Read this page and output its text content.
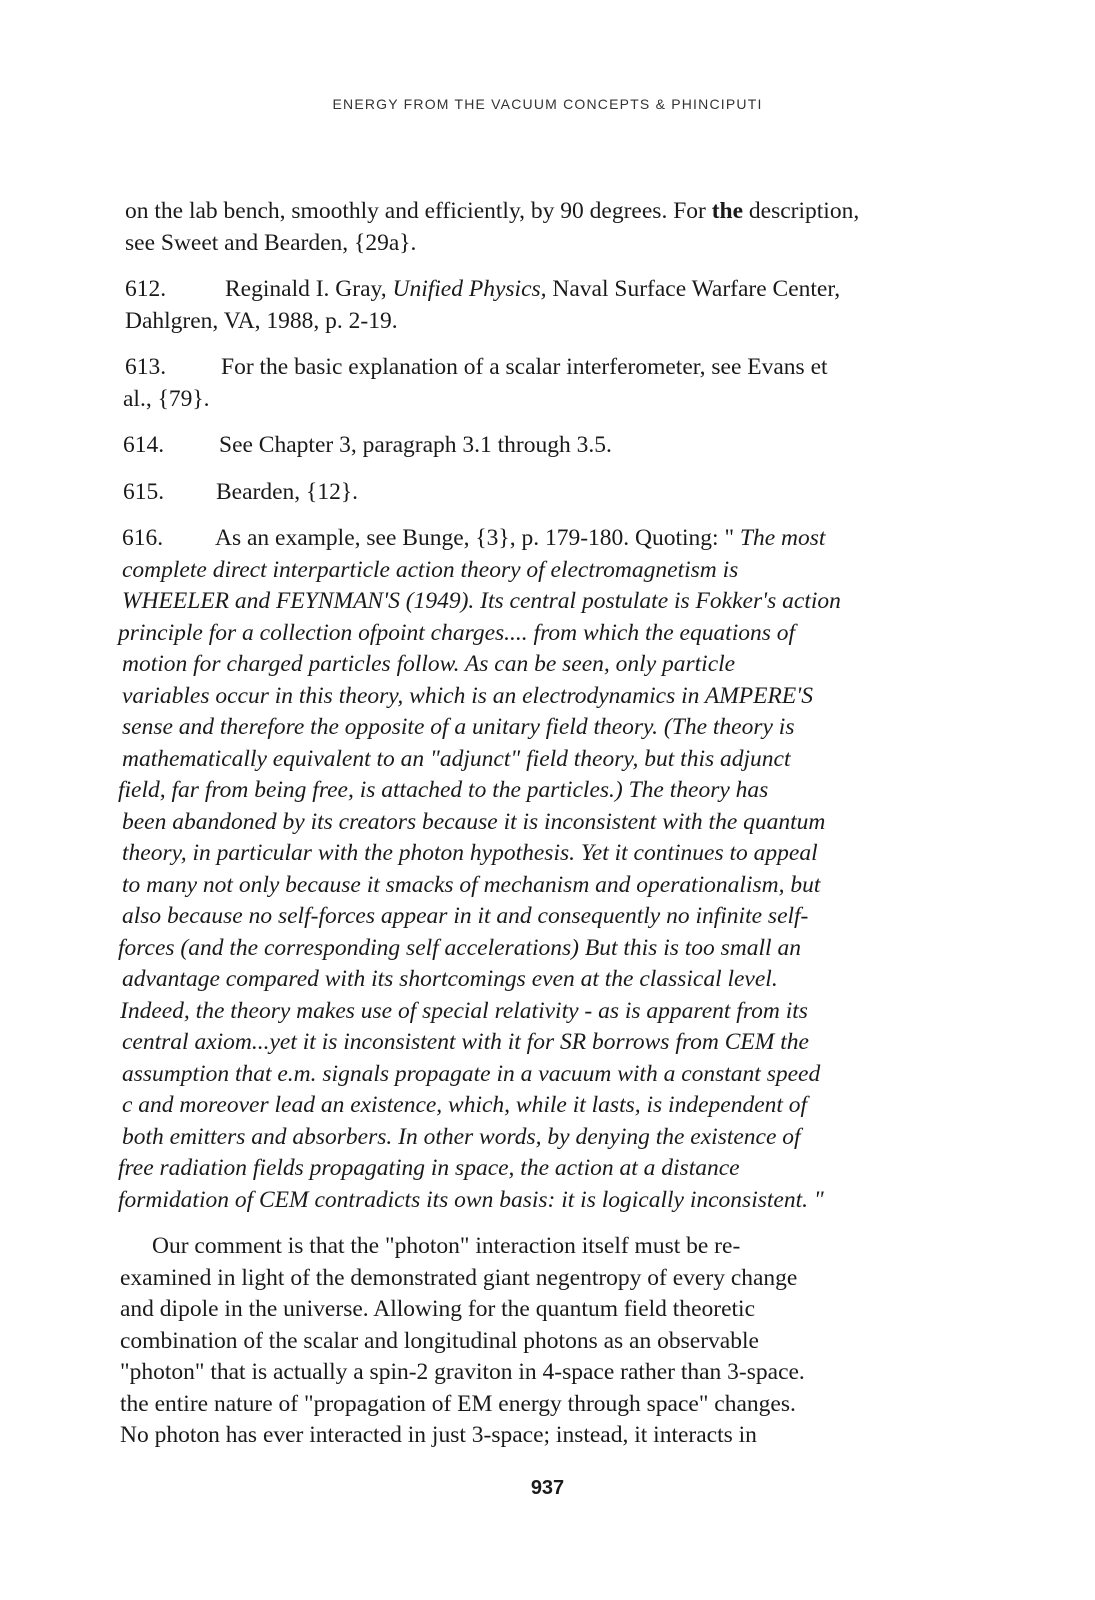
ENERGY FROM THE VACUUM CONCEPTS & PHINCIPUTI
on the lab bench, smoothly and efficiently, by 90 degrees. For the description,
see Sweet and Bearden, {29a}.
612.	Reginald I. Gray, Unified Physics, Naval Surface Warfare Center,
Dahlgren, VA, 1988, p. 2-19.
613. For the basic explanation of a scalar interferometer, see Evans et
al., {79}.
614. See Chapter 3, paragraph 3.1 through 3.5.
615. Bearden, {12}.
616. As an example, see Bunge, {3}, p. 179-180. Quoting: " The most
complete direct interparticle action theory of electromagnetism is
WHEELER and FEYNMAN'S (1949). Its central postulate is Fokker's action
principle for a collection ofpoint charges.... from which the equations of
motion for charged particles follow. As can be seen, only particle
variables occur in this theory, which is an electrodynamics in AMPERE'S
sense and therefore the opposite of a unitary field theory. (The theory is
mathematically equivalent to an "adjunct" field theory, but this adjunct
field, far from being free, is attached to the particles.) The theory has
been abandoned by its creators because it is inconsistent with the quantum
theory, in particular with the photon hypothesis. Yet it continues to appeal
to many not only because it smacks of mechanism and operationalism, but
also because no self-forces appear in it and consequently no infinite self-
forces (and the corresponding self accelerations) But this is too small an
advantage compared with its shortcomings even at the classical level.
Indeed, the theory makes use of special relativity - as is apparent from its
central axiom...yet it is inconsistent with it for SR borrows from CEM the
assumption that e.m. signals propagate in a vacuum with a constant speed
c and moreover lead an existence, which, while it lasts, is independent of
both emitters and absorbers. In other words, by denying the existence of
free radiation fields propagating in space, the action at a distance
formidation of CEM contradicts its own basis: it is logically inconsistent. "
Our comment is that the "photon" interaction itself must be re-
examined in light of the demonstrated giant negentropy of every change
and dipole in the universe. Allowing for the quantum field theoretic
combination of the scalar and longitudinal photons as an observable
"photon" that is actually a spin-2 graviton in 4-space rather than 3-space.
the entire nature of "propagation of EM energy through space" changes.
No photon has ever interacted in just 3-space; instead, it interacts in
937
